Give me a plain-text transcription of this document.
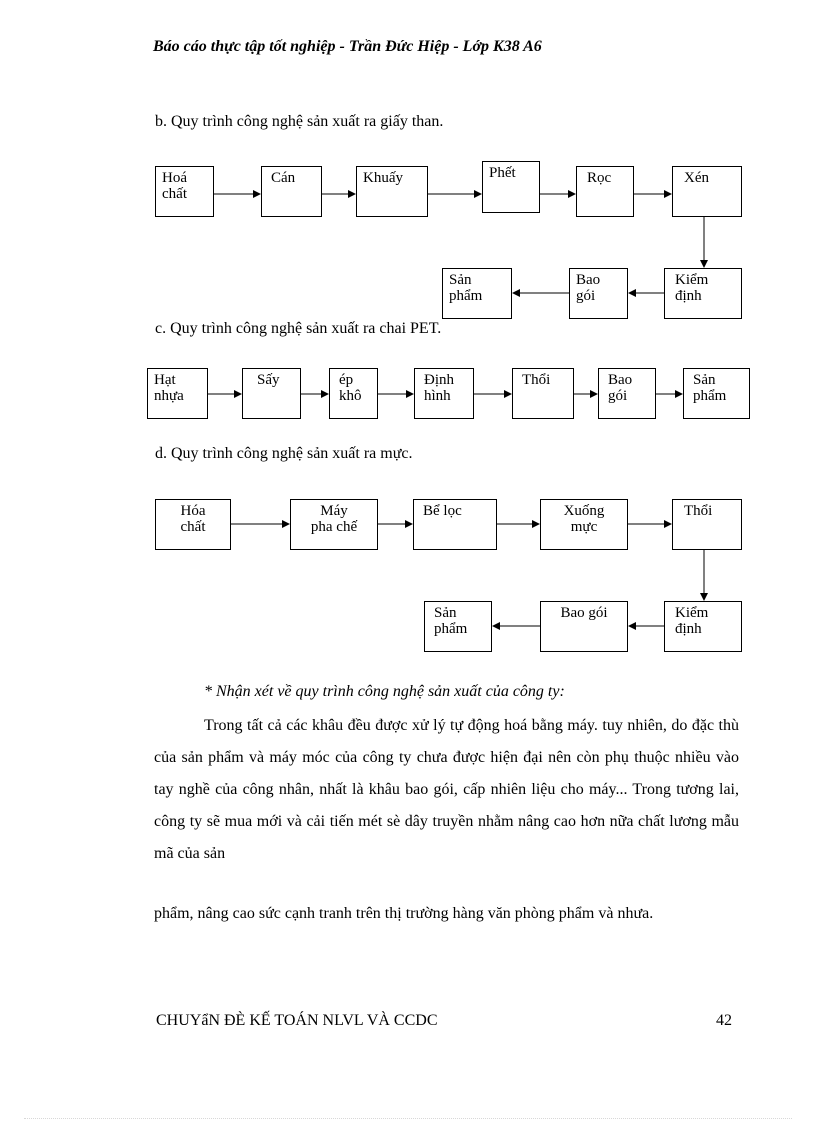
Báo cáo thực tập tốt nghiệp - Trần Đức Hiệp - Lớp K38 A6
b. Quy trình công nghệ sản xuất ra giấy than.
Hoá
chất
Cán	Khuấy	Phết	Rọc	Xén
Kiểm
định
Bao
gói
Sản
phẩm
c. Quy trình công nghệ sản xuất ra chai PET.
Hạt
nhựa
Sấy	ép
khô
Định
hình
Thổi	Bao
gói
Sản
phẩm
d. Quy trình công nghệ sản xuất ra mực.
Hóa
chất
Máy
pha chế
Bể lọc	Xuống
mực
Thổi
Kiểm
định
Bao gói
Sản
phẩm
* Nhận xét về quy trình công nghệ sản xuất của công ty:
Trong tất cả các khâu đều được xử lý tự động hoá bằng máy. tuy nhiên, do đặc thù của sản phẩm và máy móc của công ty chưa được hiện đại nên còn phụ thuộc nhiều vào tay nghề của công nhân, nhất là khâu bao gói, cấp nhiên liệu cho máy... Trong tương lai, công ty sẽ mua mới và cải tiến mét sè dây truyền nhằm nâng cao hơn nữa chất lương mẫu mã của sản
phẩm, nâng cao sức cạnh tranh trên thị trường hàng văn phòng phẩm và nhưa.
CHUYẩN ĐÈ KẾ TOÁN NLVL VÀ CCDC	42
